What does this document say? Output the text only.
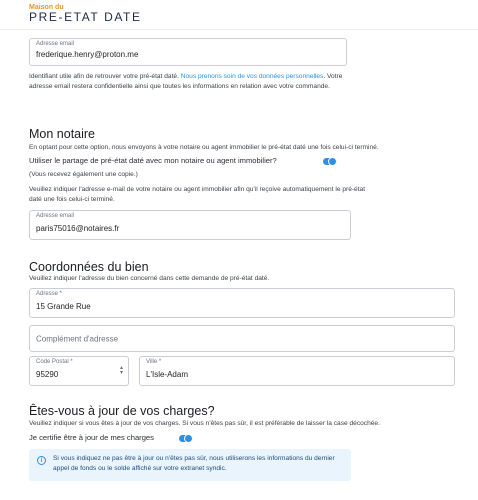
Maison du
PRE-ETAT DATE
Adresse email
frederique.henry@proton.me
Identifiant utile afin de retrouver votre pré-état daté. Nous prenons soin de vos données personnelles. Votre adresse email restera confidentielle ainsi que toutes les informations en relation avec votre commande.
Mon notaire
En optant pour cette option, nous envoyons à votre notaire ou agent immobilier le pré-état daté une fois celui-ci terminé.
Utiliser le partage de pré-état daté avec mon notaire ou agent immobilier?
(Vous recevez également une copie.)
Veuillez indiquer l'adresse e-mail de votre notaire ou agent immobilier afin qu'il reçoive automatiquement le pré-état daté une fois celui-ci terminé.
Adresse email
paris75016@notaires.fr
Coordonnées du bien
Veuillez indiquer l'adresse du bien concerné dans cette demande de pré-état daté.
Adresse *
15 Grande Rue
Complément d'adresse
Code Postal *
95290
▴
▾
Ville *
L'Isle-Adam
Êtes-vous à jour de vos charges?
Veuillez indiquer si vous êtes à jour de vos charges. Si vous n'êtes pas sûr, il est préférable de laisser la case décochée.
Je certifie être à jour de mes charges
i	Si vous indiquez ne pas être à jour ou n'êtes pas sûr, nous utiliserons les informations du dernier appel de fonds ou le solde affiché sur votre extranet syndic.
